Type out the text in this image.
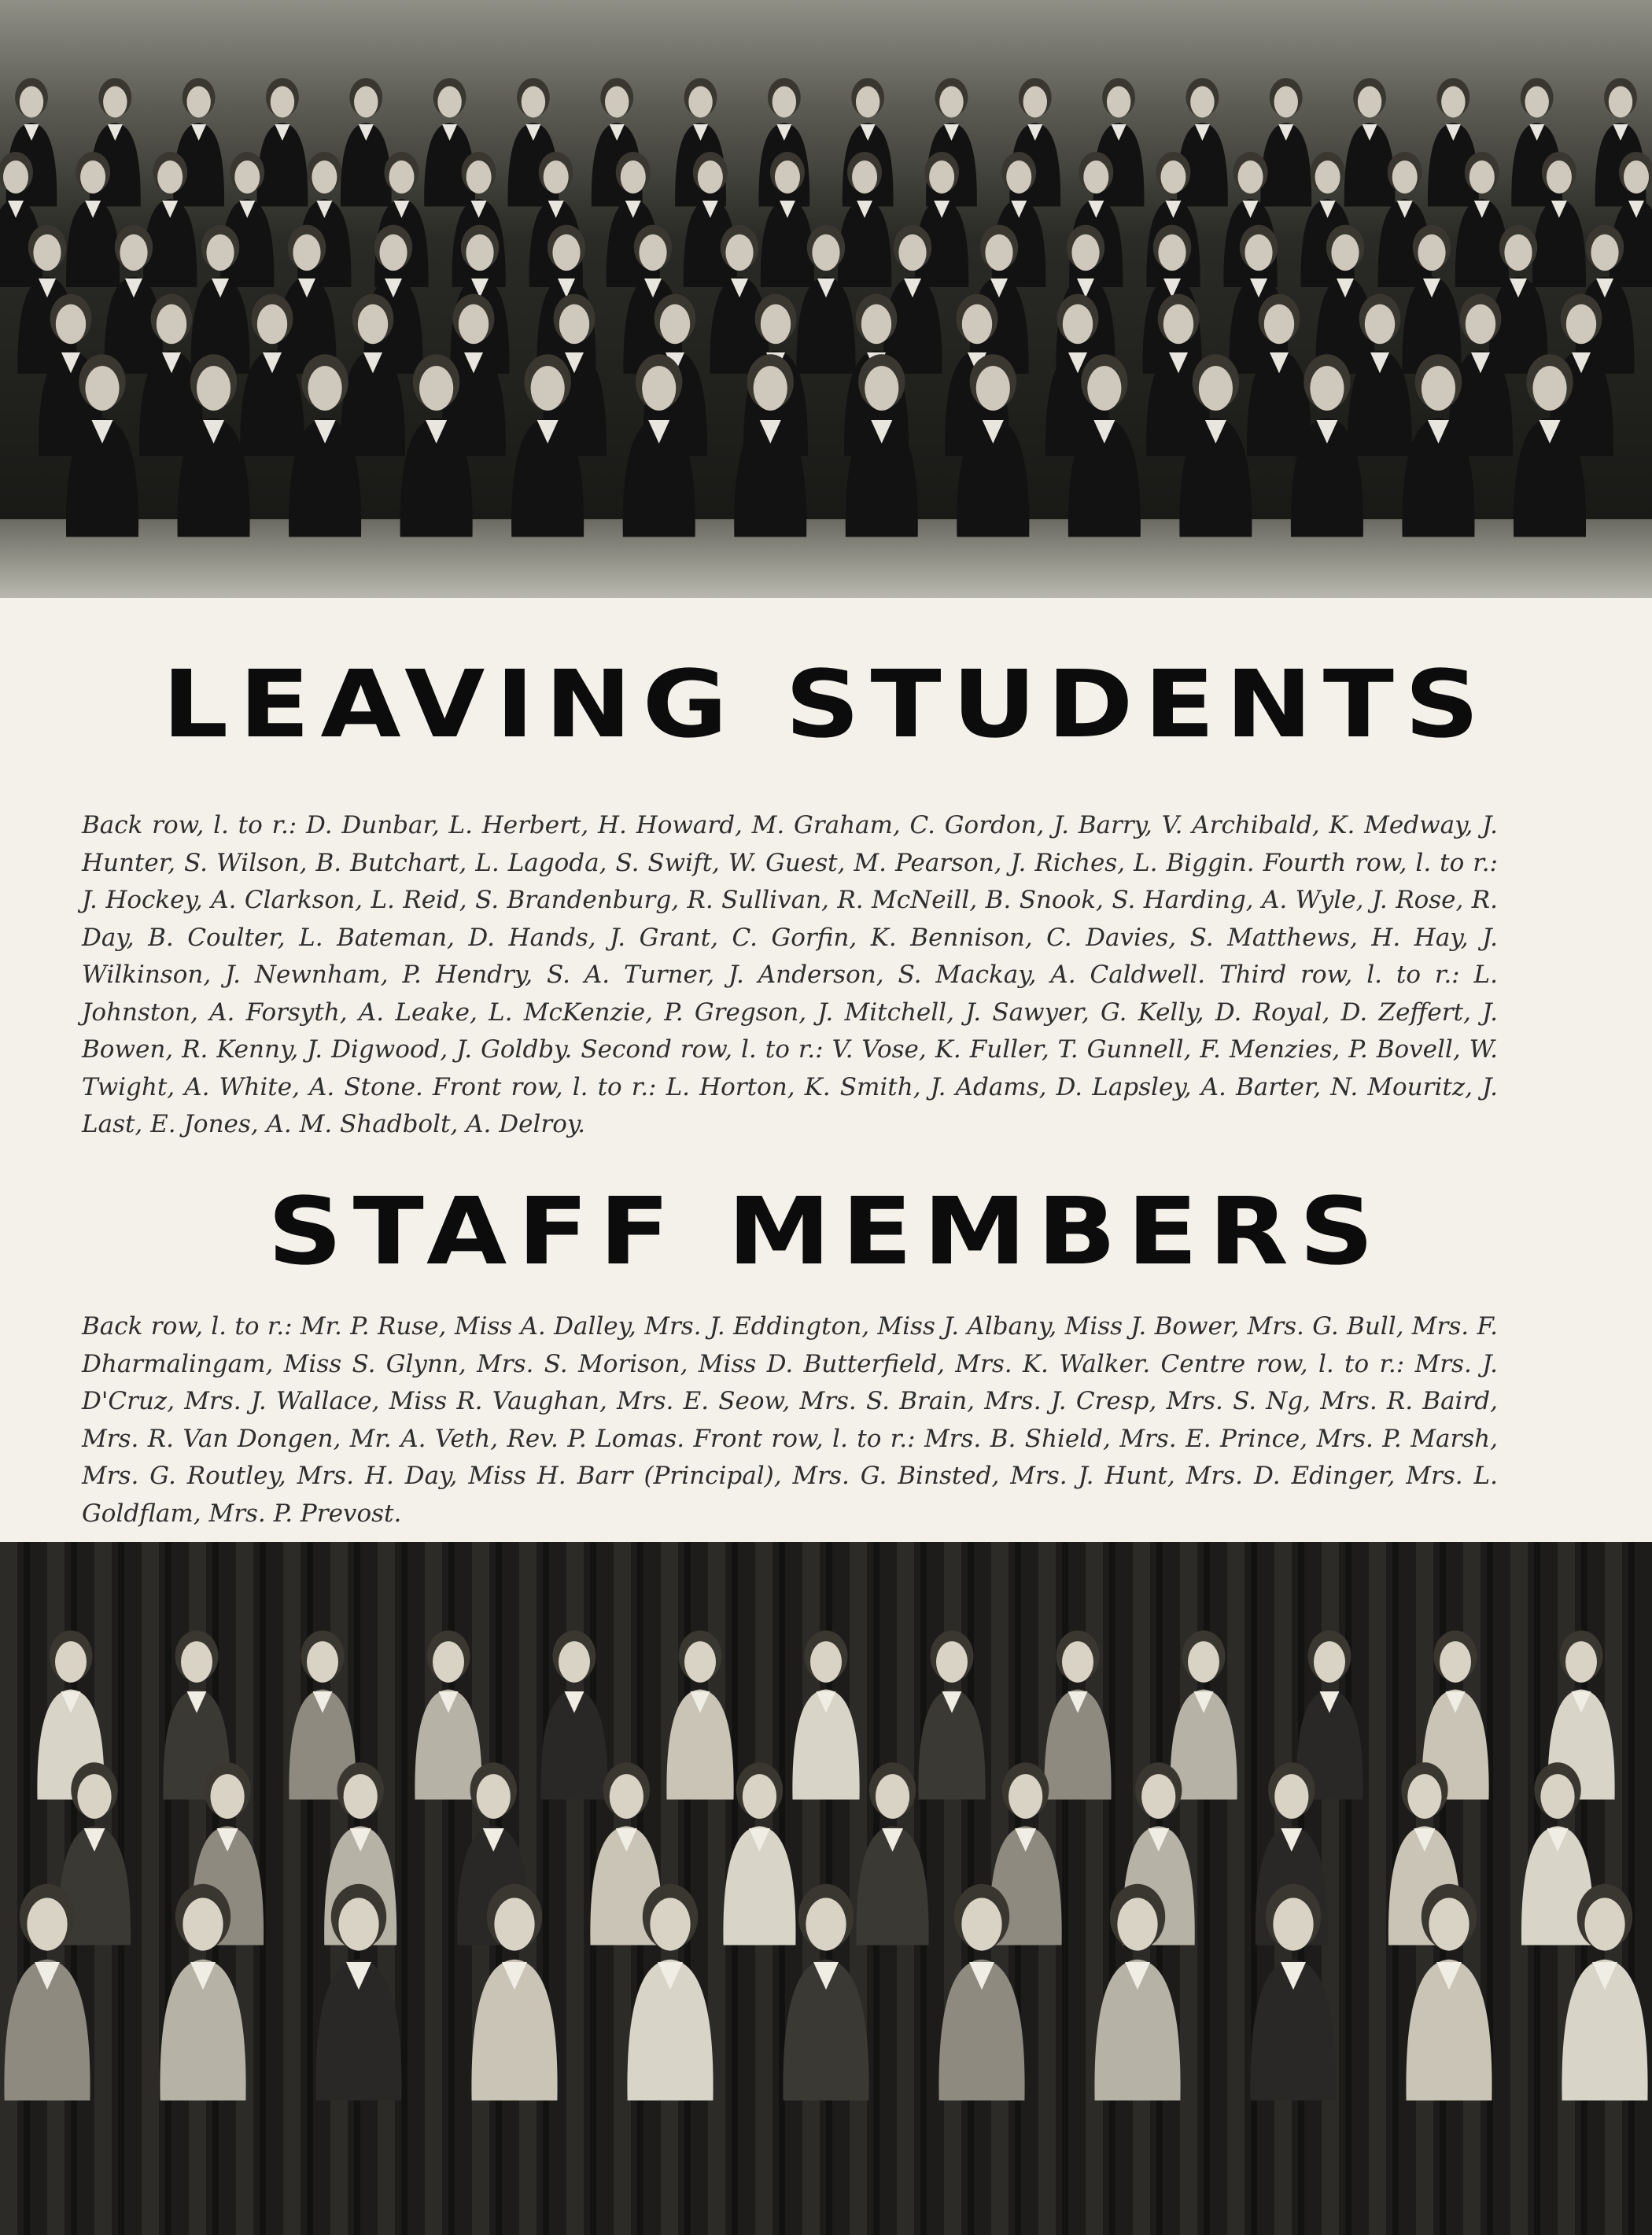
LEAVING STUDENTS
Back row, l. to r.: D. Dunbar, L. Herbert, H. Howard, M. Graham, C. Gordon, J. Barry, V. Archibald, K. Medway, J. Hunter, S. Wilson, B. Butchart, L. Lagoda, S. Swift, W. Guest, M. Pearson, J. Riches, L. Biggin. Fourth row, l. to r.: J. Hockey, A. Clarkson, L. Reid, S. Brandenburg, R. Sullivan, R. McNeill, B. Snook, S. Harding, A. Wyle, J. Rose, R. Day, B. Coulter, L. Bateman, D. Hands, J. Grant, C. Gorfin, K. Bennison, C. Davies, S. Matthews, H. Hay, J. Wilkinson, J. Newnham, P. Hendry, S. A. Turner, J. Anderson, S. Mackay, A. Caldwell. Third row, l. to r.: L. Johnston, A. Forsyth, A. Leake, L. McKenzie, P. Gregson, J. Mitchell, J. Sawyer, G. Kelly, D. Royal, D. Zeffert, J. Bowen, R. Kenny, J. Digwood, J. Goldby. Second row, l. to r.: V. Vose, K. Fuller, T. Gunnell, F. Menzies, P. Bovell, W. Twight, A. White, A. Stone. Front row, l. to r.: L. Horton, K. Smith, J. Adams, D. Lapsley, A. Barter, N. Mouritz, J. Last, E. Jones, A. M. Shadbolt, A. Delroy.
STAFF MEMBERS
Back row, l. to r.: Mr. P. Ruse, Miss A. Dalley, Mrs. J. Eddington, Miss J. Albany, Miss J. Bower, Mrs. G. Bull, Mrs. F. Dharmalingam, Miss S. Glynn, Mrs. S. Morison, Miss D. Butterfield, Mrs. K. Walker. Centre row, l. to r.: Mrs. J. D'Cruz, Mrs. J. Wallace, Miss R. Vaughan, Mrs. E. Seow, Mrs. S. Brain, Mrs. J. Cresp, Mrs. S. Ng, Mrs. R. Baird, Mrs. R. Van Dongen, Mr. A. Veth, Rev. P. Lomas. Front row, l. to r.: Mrs. B. Shield, Mrs. E. Prince, Mrs. P. Marsh, Mrs. G. Routley, Mrs. H. Day, Miss H. Barr (Principal), Mrs. G. Binsted, Mrs. J. Hunt, Mrs. D. Edinger, Mrs. L. Goldflam, Mrs. P. Prevost.
